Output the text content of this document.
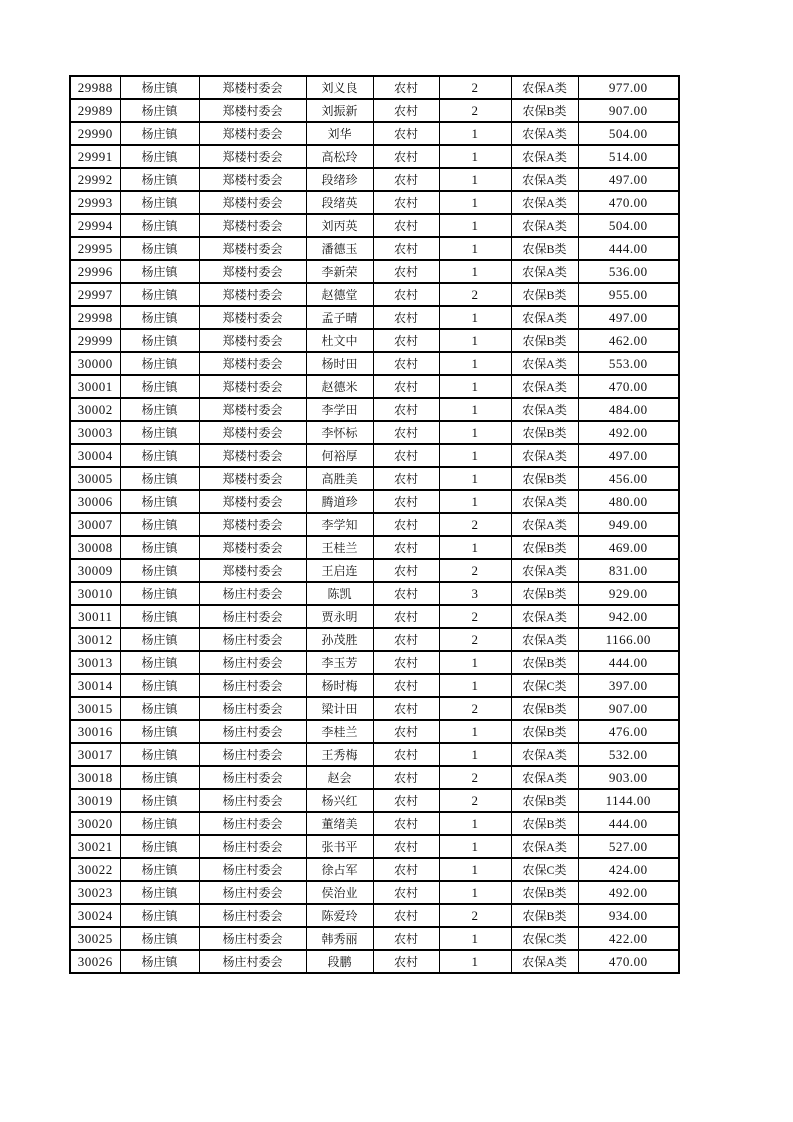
29988	杨庄镇	郑楼村委会	刘义良	农村	2	农保A类	977.00
29989	杨庄镇	郑楼村委会	刘振新	农村	2	农保B类	907.00
29990	杨庄镇	郑楼村委会	刘华	农村	1	农保A类	504.00
29991	杨庄镇	郑楼村委会	高松玲	农村	1	农保A类	514.00
29992	杨庄镇	郑楼村委会	段绪珍	农村	1	农保A类	497.00
29993	杨庄镇	郑楼村委会	段绪英	农村	1	农保A类	470.00
29994	杨庄镇	郑楼村委会	刘丙英	农村	1	农保A类	504.00
29995	杨庄镇	郑楼村委会	潘德玉	农村	1	农保B类	444.00
29996	杨庄镇	郑楼村委会	李新荣	农村	1	农保A类	536.00
29997	杨庄镇	郑楼村委会	赵德堂	农村	2	农保B类	955.00
29998	杨庄镇	郑楼村委会	孟子晴	农村	1	农保A类	497.00
29999	杨庄镇	郑楼村委会	杜文中	农村	1	农保B类	462.00
30000	杨庄镇	郑楼村委会	杨时田	农村	1	农保A类	553.00
30001	杨庄镇	郑楼村委会	赵德米	农村	1	农保A类	470.00
30002	杨庄镇	郑楼村委会	李学田	农村	1	农保A类	484.00
30003	杨庄镇	郑楼村委会	李怀标	农村	1	农保B类	492.00
30004	杨庄镇	郑楼村委会	何裕厚	农村	1	农保A类	497.00
30005	杨庄镇	郑楼村委会	高胜美	农村	1	农保B类	456.00
30006	杨庄镇	郑楼村委会	腾道珍	农村	1	农保A类	480.00
30007	杨庄镇	郑楼村委会	李学知	农村	2	农保A类	949.00
30008	杨庄镇	郑楼村委会	王桂兰	农村	1	农保B类	469.00
30009	杨庄镇	郑楼村委会	王启连	农村	2	农保A类	831.00
30010	杨庄镇	杨庄村委会	陈凯	农村	3	农保B类	929.00
30011	杨庄镇	杨庄村委会	贾永明	农村	2	农保A类	942.00
30012	杨庄镇	杨庄村委会	孙茂胜	农村	2	农保A类	1166.00
30013	杨庄镇	杨庄村委会	李玉芳	农村	1	农保B类	444.00
30014	杨庄镇	杨庄村委会	杨时梅	农村	1	农保C类	397.00
30015	杨庄镇	杨庄村委会	梁计田	农村	2	农保B类	907.00
30016	杨庄镇	杨庄村委会	李桂兰	农村	1	农保B类	476.00
30017	杨庄镇	杨庄村委会	王秀梅	农村	1	农保A类	532.00
30018	杨庄镇	杨庄村委会	赵会	农村	2	农保A类	903.00
30019	杨庄镇	杨庄村委会	杨兴红	农村	2	农保B类	1144.00
30020	杨庄镇	杨庄村委会	董绪美	农村	1	农保B类	444.00
30021	杨庄镇	杨庄村委会	张书平	农村	1	农保A类	527.00
30022	杨庄镇	杨庄村委会	徐占军	农村	1	农保C类	424.00
30023	杨庄镇	杨庄村委会	侯治业	农村	1	农保B类	492.00
30024	杨庄镇	杨庄村委会	陈爱玲	农村	2	农保B类	934.00
30025	杨庄镇	杨庄村委会	韩秀丽	农村	1	农保C类	422.00
30026	杨庄镇	杨庄村委会	段鹏	农村	1	农保A类	470.00
